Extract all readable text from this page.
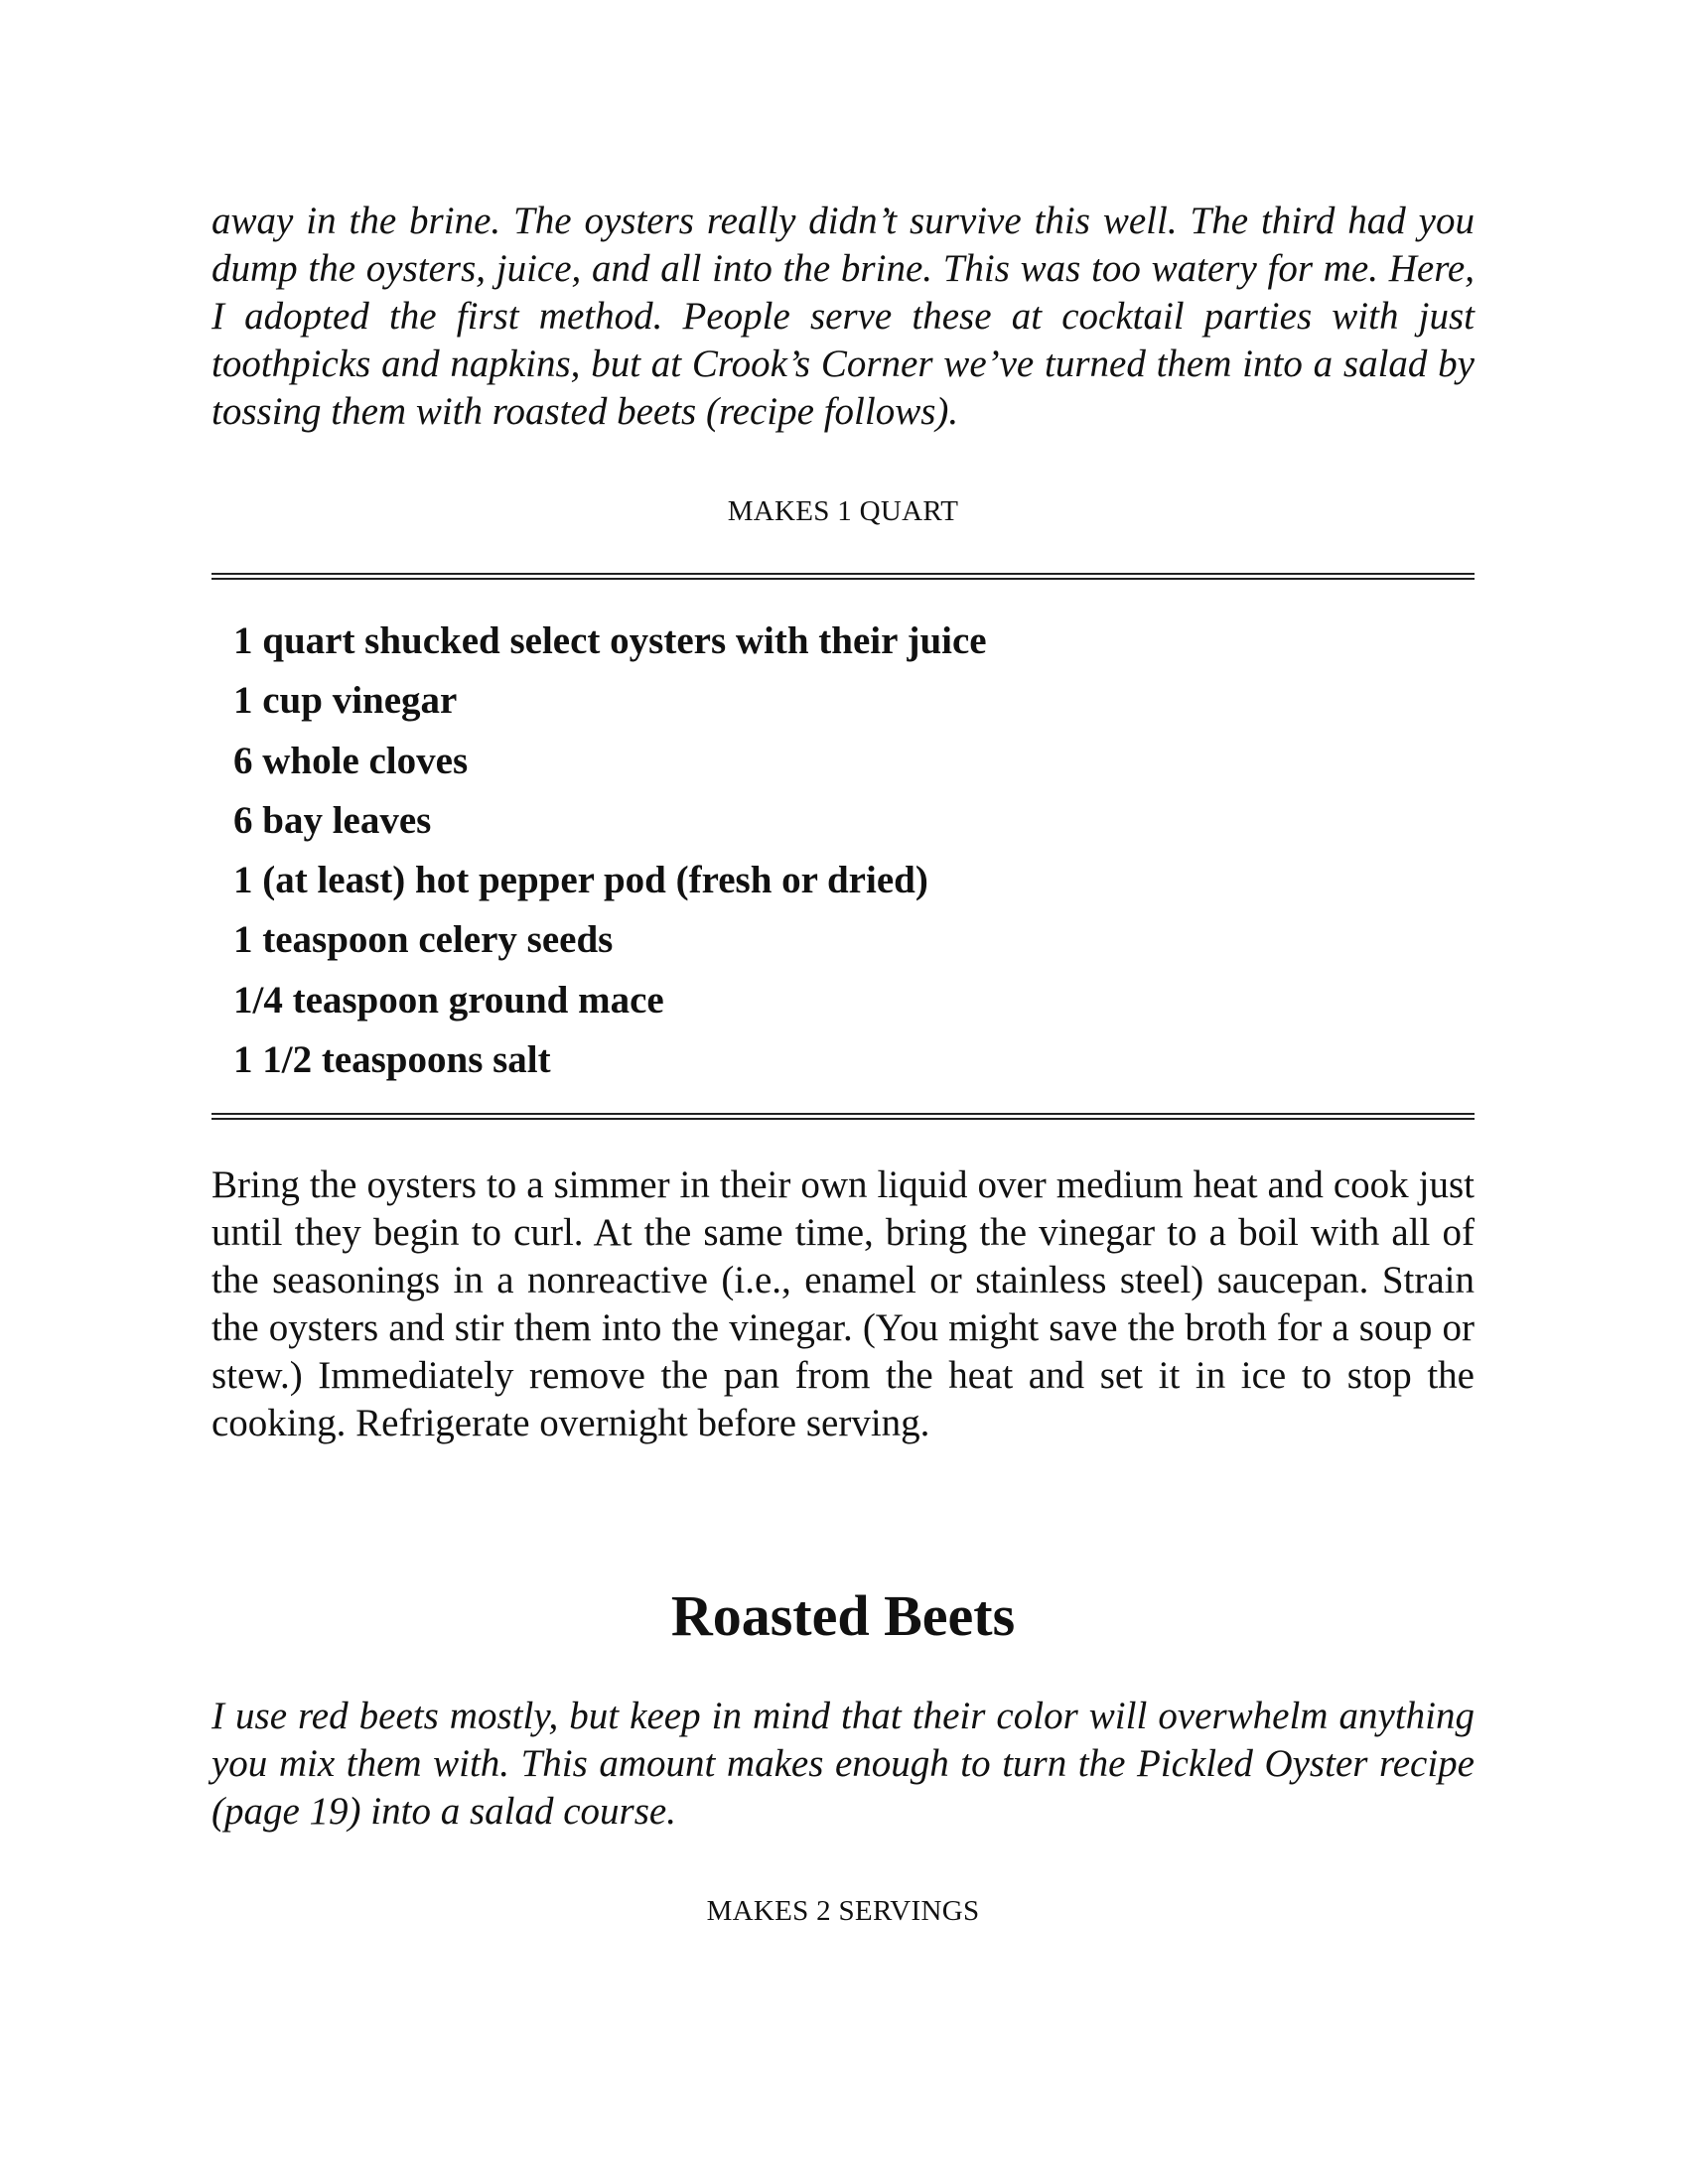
away in the brine. The oysters really didn’t survive this well. The third had you dump the oysters, juice, and all into the brine. This was too watery for me. Here, I adopted the first method. People serve these at cocktail parties with just toothpicks and napkins, but at Crook’s Corner we’ve turned them into a salad by tossing them with roasted beets (recipe follows).

MAKES 1 QUART

1 quart shucked select oysters with their juice
1 cup vinegar
6 whole cloves
6 bay leaves
1 (at least) hot pepper pod (fresh or dried)
1 teaspoon celery seeds
1/4 teaspoon ground mace
1 1/2 teaspoons salt

Bring the oysters to a simmer in their own liquid over medium heat and cook just until they begin to curl. At the same time, bring the vinegar to a boil with all of the seasonings in a nonreactive (i.e., enamel or stainless steel) saucepan. Strain the oysters and stir them into the vinegar. (You might save the broth for a soup or stew.) Immediately remove the pan from the heat and set it in ice to stop the cooking. Refrigerate overnight before serving.

Roasted Beets

I use red beets mostly, but keep in mind that their color will overwhelm anything you mix them with. This amount makes enough to turn the Pickled Oyster recipe (page 19) into a salad course.

MAKES 2 SERVINGS
